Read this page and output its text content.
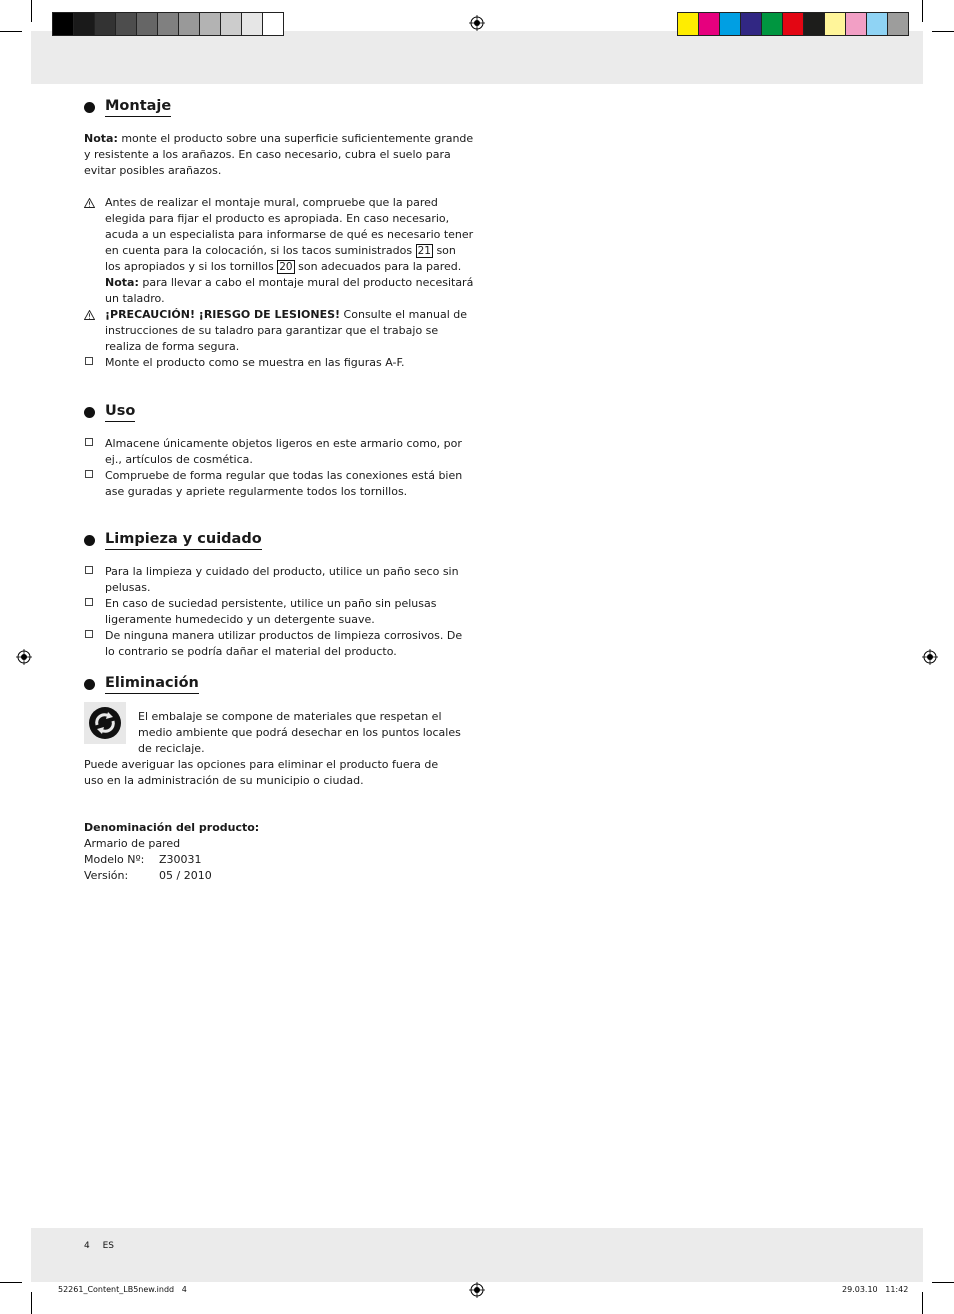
Montaje
Nota: monte el producto sobre una superficie suficientemente grande y resistente a los arañazos. En caso necesario, cubra el suelo para evitar posibles arañazos.
Antes de realizar el montaje mural, compruebe que la pared elegida para fijar el producto es apropiada. En caso necesario, acuda a un especialista para informarse de qué es necesario tener en cuenta para la colocación, si los tacos suministrados 21 son los apropiados y si los tornillos 20 son adecuados para la pared.
Nota: para llevar a cabo el montaje mural del producto necesitará un taladro.
¡PRECAUCIÓN! ¡RIESGO DE LESIONES! Consulte el manual de instrucciones de su taladro para garantizar que el trabajo se realiza de forma segura.
Monte el producto como se muestra en las figuras A-F.
Uso
Almacene únicamente objetos ligeros en este armario como, por ej., artículos de cosmética.
Compruebe de forma regular que todas las conexiones está bien ase guradas y apriete regularmente todos los tornillos.
Limpieza y cuidado
Para la limpieza y cuidado del producto, utilice un paño seco sin pelusas.
En caso de suciedad persistente, utilice un paño sin pelusas ligeramente humedecido y un detergente suave.
De ninguna manera utilizar productos de limpieza corrosivos. De lo contrario se podría dañar el material del producto.
Eliminación
El embalaje se compone de materiales que respetan el medio ambiente que podrá desechar en los puntos locales de reciclaje.
Puede averiguar las opciones para eliminar el producto fuera de uso en la administración de su municipio o ciudad.
Denominación del producto:
Armario de pared
Modelo Nº: Z30031
Versión:	05 / 2010
4 ES
52261_Content_LB5new.indd   4	29.03.10   11:42
